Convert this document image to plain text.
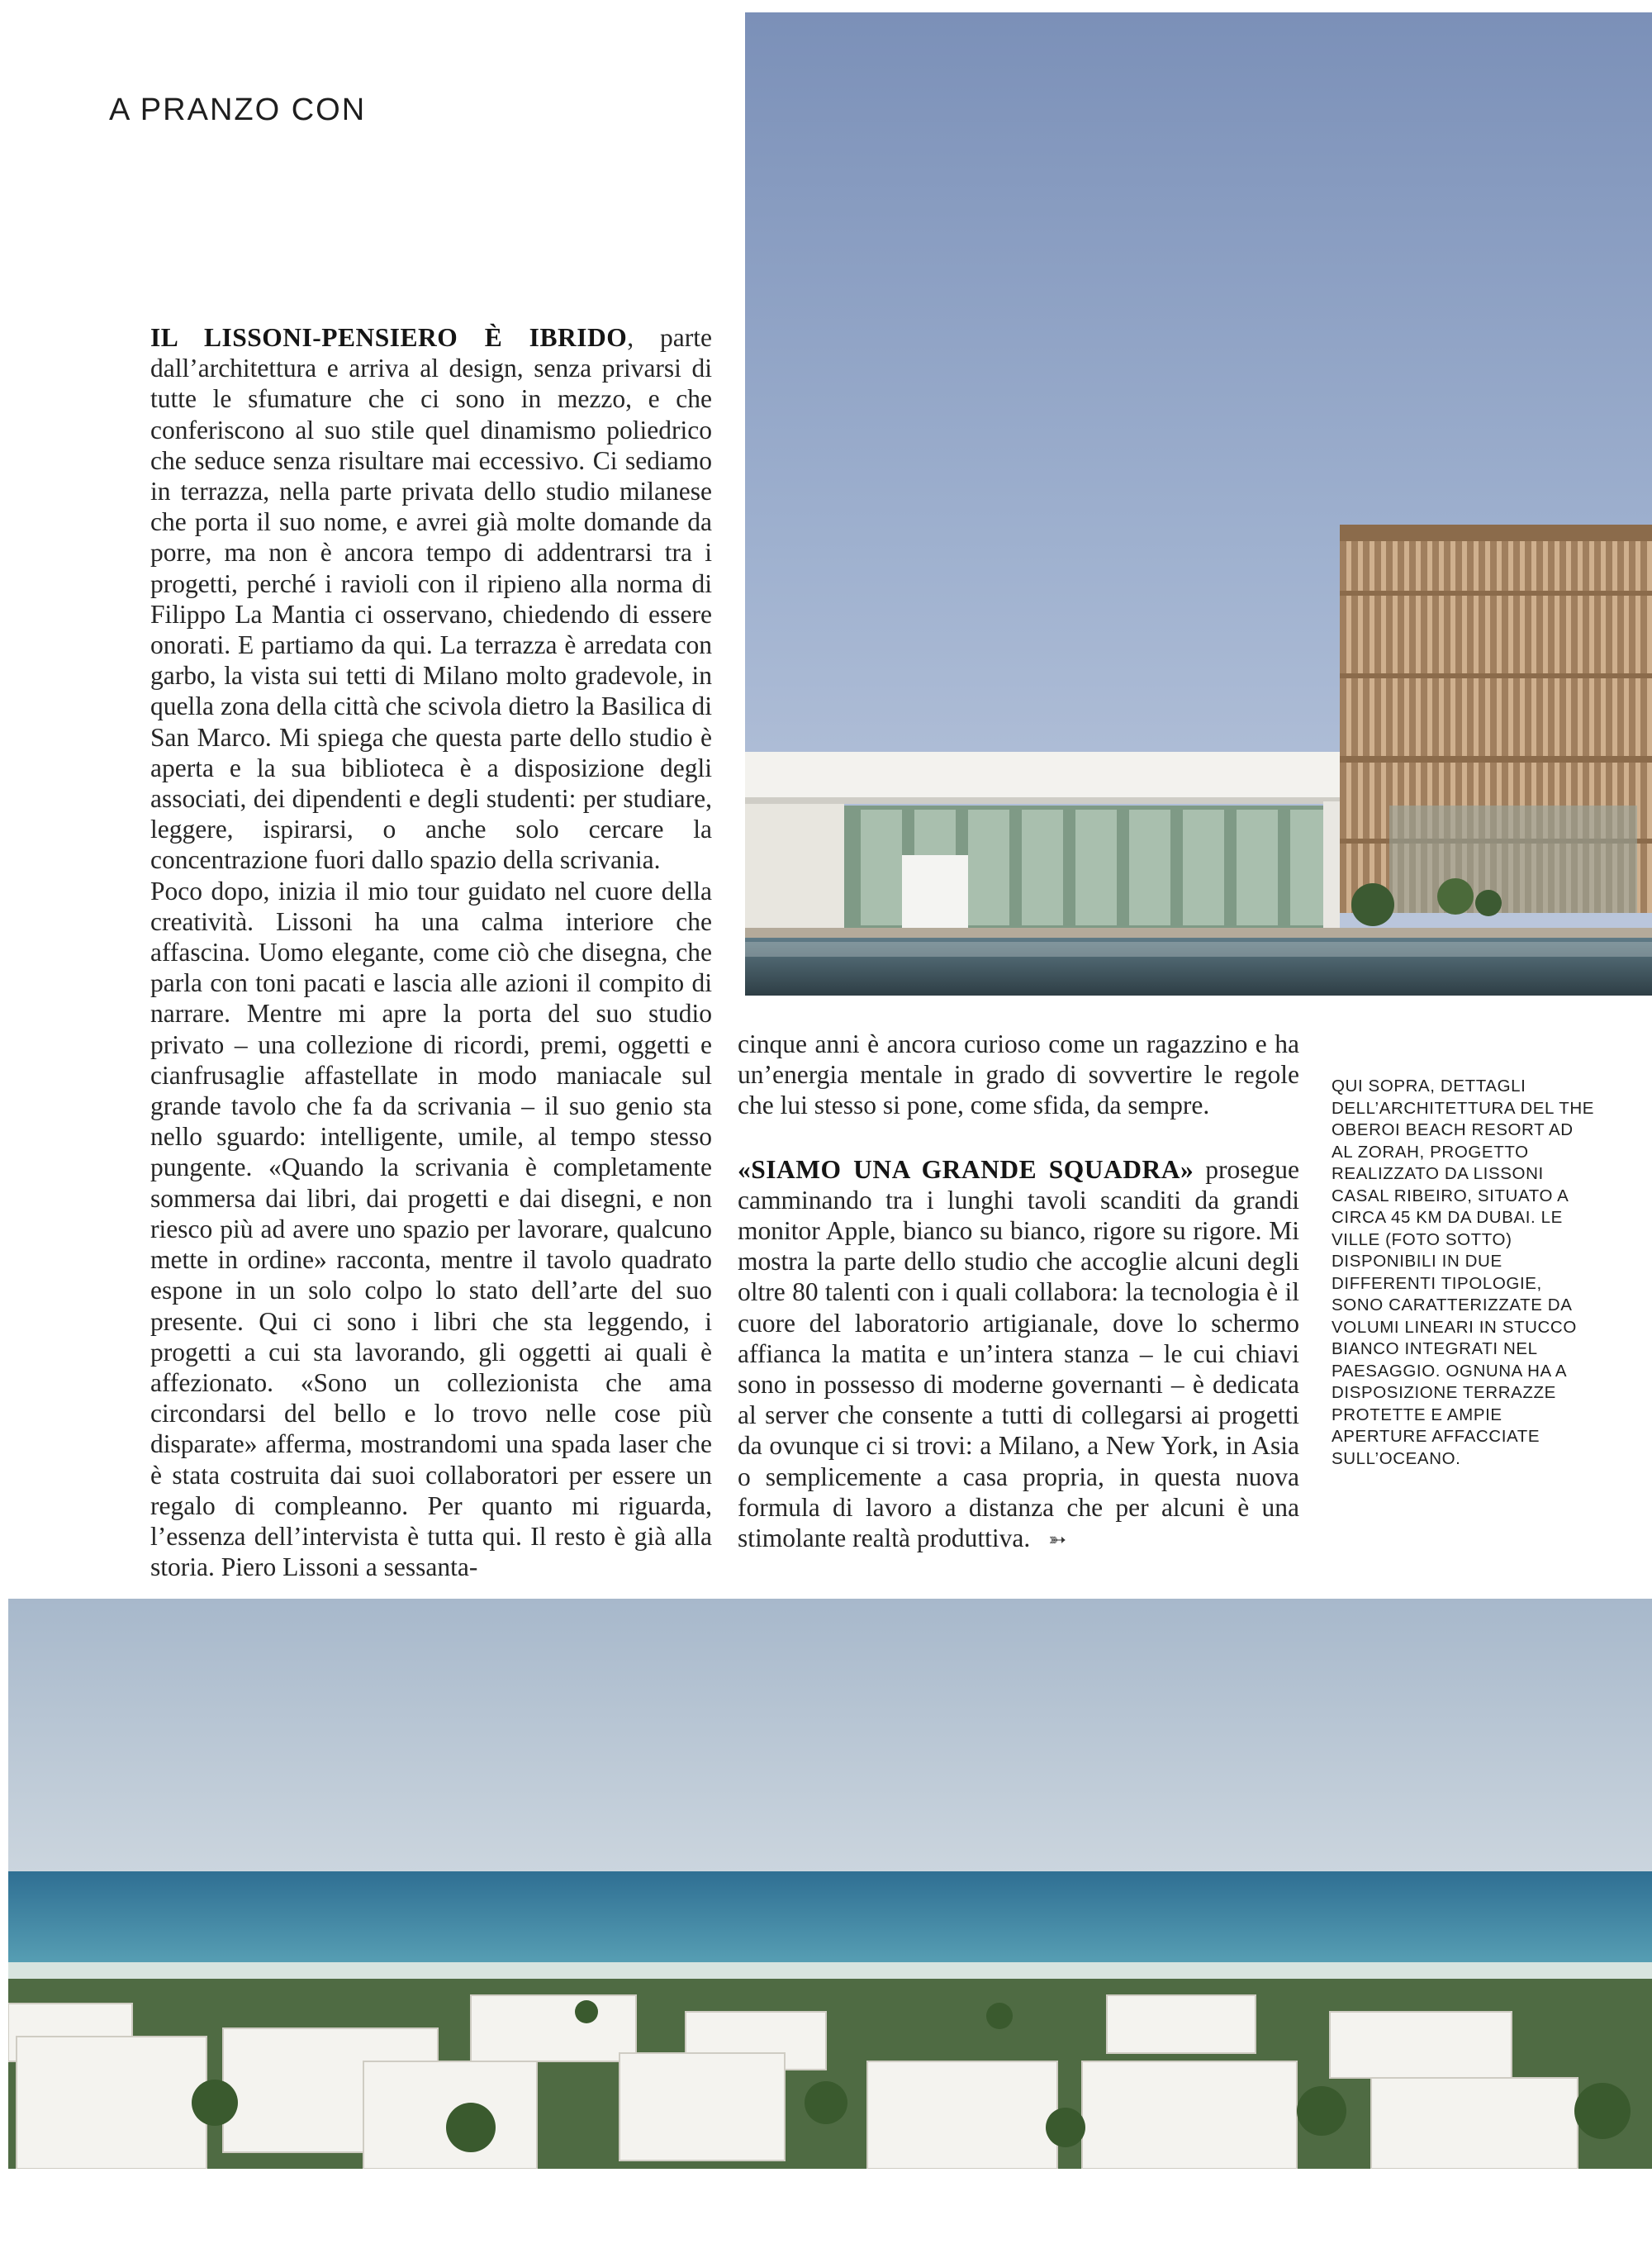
A PRANZO CON

IL LISSONI-PENSIERO È IBRIDO, parte dall’architettura e arriva al design, senza privarsi di tutte le sfumature che ci sono in mezzo, e che conferiscono al suo stile quel dinamismo poliedrico che seduce senza risultare mai eccessivo. Ci sediamo in terrazza, nella parte privata dello studio milanese che porta il suo nome, e avrei già molte domande da porre, ma non è ancora tempo di addentrarsi tra i progetti, perché i ravioli con il ripieno alla norma di Filippo La Mantia ci osservano, chiedendo di essere onorati. E partiamo da qui. La terrazza è arredata con garbo, la vista sui tetti di Milano molto gradevole, in quella zona della città che scivola dietro la Basilica di San Marco. Mi spiega che questa parte dello studio è aperta e la sua biblioteca è a disposizione degli associati, dei dipendenti e degli studenti: per studiare, leggere, ispirarsi, o anche solo cercare la concentrazione fuori dallo spazio della scrivania.

Poco dopo, inizia il mio tour guidato nel cuore della creatività. Lissoni ha una calma interiore che affascina. Uomo elegante, come ciò che disegna, che parla con toni pacati e lascia alle azioni il compito di narrare. Mentre mi apre la porta del suo studio privato – una collezione di ricordi, premi, oggetti e cianfrusaglie affastellate in modo maniacale sul grande tavolo che fa da scrivania – il suo genio sta nello sguardo: intelligente, umile, al tempo stesso pungente. «Quando la scrivania è completamente sommersa dai libri, dai progetti e dai disegni, e non riesco più ad avere uno spazio per lavorare, qualcuno mette in ordine» racconta, mentre il tavolo quadrato espone in un solo colpo lo stato dell’arte del suo presente. Qui ci sono i libri che sta leggendo, i progetti a cui sta lavorando, gli oggetti ai quali è affezionato. «Sono un collezionista che ama circondarsi del bello e lo trovo nelle cose più disparate» afferma, mostrandomi una spada laser che è stata costruita dai suoi collaboratori per essere un regalo di compleanno. Per quanto mi riguarda, l’essenza dell’intervista è tutta qui. Il resto è già alla storia. Piero Lissoni a sessanta-

cinque anni è ancora curioso come un ragazzino e ha un’energia mentale in grado di sovvertire le regole che lui stesso si pone, come sfida, da sempre.

«SIAMO UNA GRANDE SQUADRA» prosegue camminando tra i lunghi tavoli scanditi da grandi monitor Apple, bianco su bianco, rigore su rigore. Mi mostra la parte dello studio che accoglie alcuni degli oltre 80 talenti con i quali collabora: la tecnologia è il cuore del laboratorio artigianale, dove lo schermo affianca la matita e un’intera stanza – le cui chiavi sono in possesso di moderne governanti – è dedicata al server che consente a tutti di collegarsi ai progetti da ovunque ci si trovi: a Milano, a New York, in Asia o semplicemente a casa propria, in questa nuova formula di lavoro a distanza che per alcuni è una stimolante realtà produttiva. ➳

QUI SOPRA, DETTAGLI DELL’ARCHITETTURA DEL THE OBEROI BEACH RESORT AD AL ZORAH, PROGETTO REALIZZATO DA LISSONI CASAL RIBEIRO, SITUATO A CIRCA 45 KM DA DUBAI. LE VILLE (FOTO SOTTO) DISPONIBILI IN DUE DIFFERENTI TIPOLOGIE, SONO CARATTERIZZATE DA VOLUMI LINEARI IN STUCCO BIANCO INTEGRATI NEL PAESAGGIO. OGNUNA HA A DISPOSIZIONE TERRAZZE PROTETTE E AMPIE APERTURE AFFACCIATE SULL’OCEANO.
